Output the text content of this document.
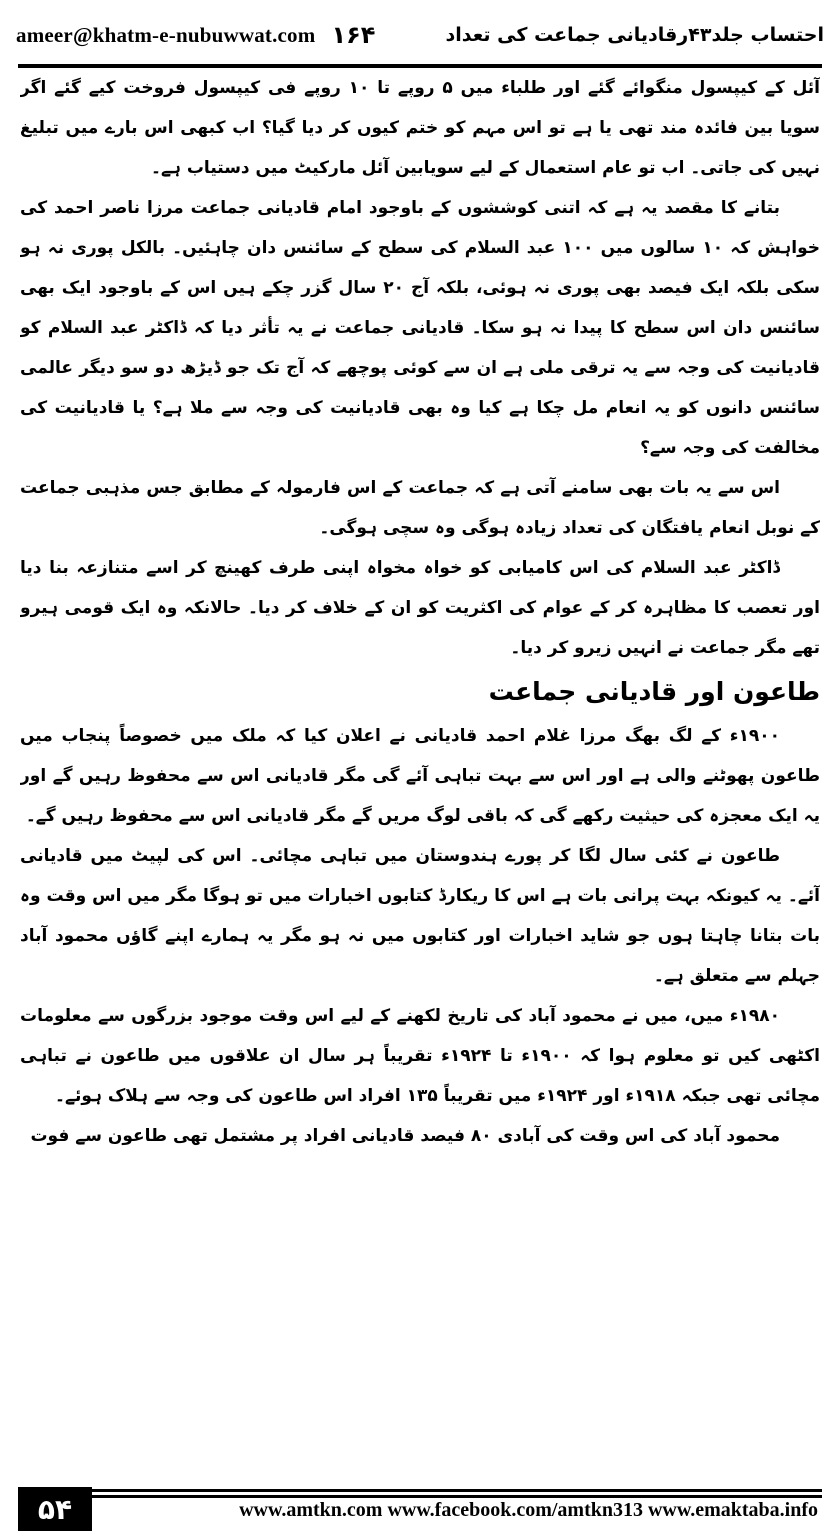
ameer@khatm-e-nubuwwat.com ۱۶۴	احتساب جلد۴۳رقادیانی جماعت کی تعداد

آئل کے کیپسول منگوائے گئے اور طلباء میں ۵ روپے تا ۱۰ روپے فی کیپسول فروخت کیے گئے اگر سویا بین فائدہ مند تھی یا ہے تو اس مہم کو ختم کیوں کر دیا گیا؟ اب کبھی اس بارے میں تبلیغ نہیں کی جاتی۔ اب تو عام استعمال کے لیے سویابین آئل مارکیٹ میں دستیاب ہے۔

بتانے کا مقصد یہ ہے کہ اتنی کوششوں کے باوجود امام قادیانی جماعت مرزا ناصر احمد کی خواہش کہ ۱۰ سالوں میں ۱۰۰ عبد السلام کی سطح کے سائنس دان چاہئیں۔ بالکل پوری نہ ہو سکی بلکہ ایک فیصد بھی پوری نہ ہوئی، بلکہ آج ۲۰ سال گزر چکے ہیں اس کے باوجود ایک بھی سائنس دان اس سطح کا پیدا نہ ہو سکا۔ قادیانی جماعت نے یہ تأثر دیا کہ ڈاکٹر عبد السلام کو قادیانیت کی وجہ سے یہ ترقی ملی ہے ان سے کوئی پوچھے کہ آج تک جو ڈیڑھ دو سو دیگر عالمی سائنس دانوں کو یہ انعام مل چکا ہے کیا وہ بھی قادیانیت کی وجہ سے ملا ہے؟ یا قادیانیت کی مخالفت کی وجہ سے؟

اس سے یہ بات بھی سامنے آتی ہے کہ جماعت کے اس فارمولہ کے مطابق جس مذہبی جماعت کے نوبل انعام یافتگان کی تعداد زیادہ ہوگی وہ سچی ہوگی۔

ڈاکٹر عبد السلام کی اس کامیابی کو خواہ مخواہ اپنی طرف کھینچ کر اسے متنازعہ بنا دیا اور تعصب کا مظاہرہ کر کے عوام کی اکثریت کو ان کے خلاف کر دیا۔ حالانکہ وہ ایک قومی ہیرو تھے مگر جماعت نے انہیں زیرو کر دیا۔

طاعون اور قادیانی جماعت

۱۹۰۰ء کے لگ بھگ مرزا غلام احمد قادیانی نے اعلان کیا کہ ملک میں خصوصاً پنجاب میں طاعون پھوٹنے والی ہے اور اس سے بہت تباہی آئے گی مگر قادیانی اس سے محفوظ رہیں گے اور یہ ایک معجزہ کی حیثیت رکھے گی کہ باقی لوگ مریں گے مگر قادیانی اس سے محفوظ رہیں گے۔

طاعون نے کئی سال لگا کر پورے ہندوستان میں تباہی مچائی۔ اس کی لپیٹ میں قادیانی آئے۔ یہ کیونکہ بہت پرانی بات ہے اس کا ریکارڈ کتابوں اخبارات میں تو ہوگا مگر میں اس وقت وہ بات بتانا چاہتا ہوں جو شاید اخبارات اور کتابوں میں نہ ہو مگر یہ ہمارے اپنے گاؤں محمود آباد جہلم سے متعلق ہے۔

۱۹۸۰ء میں، میں نے محمود آباد کی تاریخ لکھنے کے لیے اس وقت موجود بزرگوں سے معلومات اکٹھی کیں تو معلوم ہوا کہ ۱۹۰۰ء تا ۱۹۲۴ء تقریباً ہر سال ان علاقوں میں طاعون نے تباہی مچائی تھی جبکہ ۱۹۱۸ء اور ۱۹۲۴ء میں تقریباً ۱۳۵ افراد اس طاعون کی وجہ سے ہلاک ہوئے۔

محمود آباد کی اس وقت کی آبادی ۸۰ فیصد قادیانی افراد پر مشتمل تھی طاعون سے فوت

۵۴	www.amtkn.com www.facebook.com/amtkn313 www.emaktaba.info
